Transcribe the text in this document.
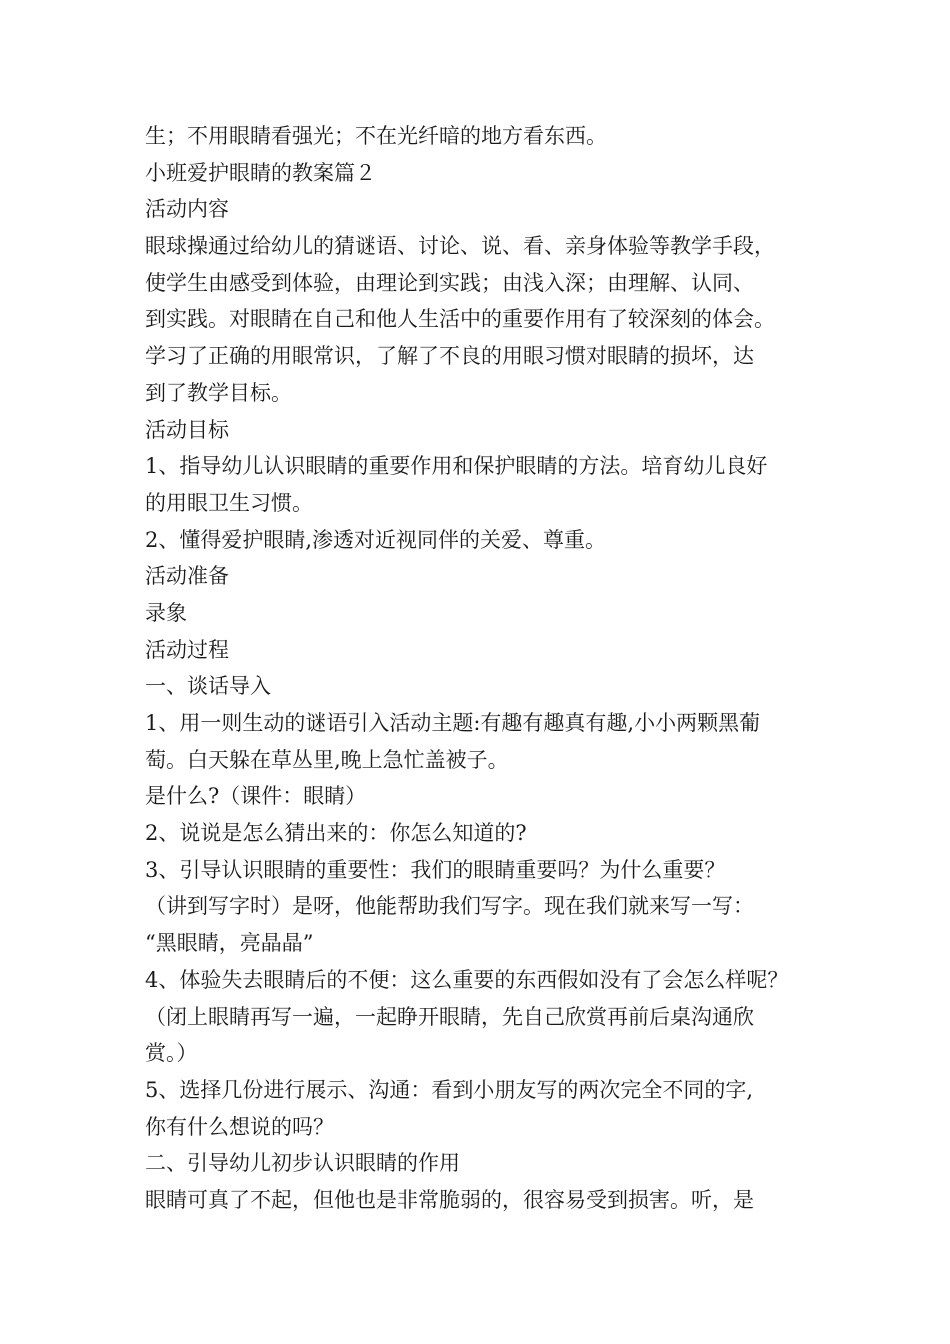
生；不用眼睛看强光；不在光纤暗的地方看东西。
小班爱护眼睛的教案篇２
活动内容
眼球操通过给幼儿的猜谜语、讨论、说、看、亲身体验等教学手段，
使学生由感受到体验，由理论到实践；由浅入深；由理解、认同、
到实践。对眼睛在自己和他人生活中的重要作用有了较深刻的体会。
学习了正确的用眼常识，了解了不良的用眼习惯对眼睛的损坏，达
到了教学目标。
活动目标
1、指导幼儿认识眼睛的重要作用和保护眼睛的方法。培育幼儿良好
的用眼卫生习惯。
2、懂得爱护眼睛,渗透对近视同伴的关爱、尊重。
活动准备
录象
活动过程
一、谈话导入
1、用一则生动的谜语引入活动主题:有趣有趣真有趣,小小两颗黑葡
萄。白天躲在草丛里,晚上急忙盖被子。
是什么?（课件：眼睛）
2、说说是怎么猜出来的：你怎么知道的?
3、引导认识眼睛的重要性：我们的眼睛重要吗？为什么重要？
（讲到写字时）是呀，他能帮助我们写字。现在我们就来写一写：
“黑眼睛，亮晶晶”
4、体验失去眼睛后的不便：这么重要的东西假如没有了会怎么样呢？
（闭上眼睛再写一遍，一起睁开眼睛，先自己欣赏再前后桌沟通欣
赏。）
5、选择几份进行展示、沟通：看到小朋友写的两次完全不同的字,
你有什么想说的吗？
二、引导幼儿初步认识眼睛的作用
眼睛可真了不起，但他也是非常脆弱的，很容易受到损害。听，是
